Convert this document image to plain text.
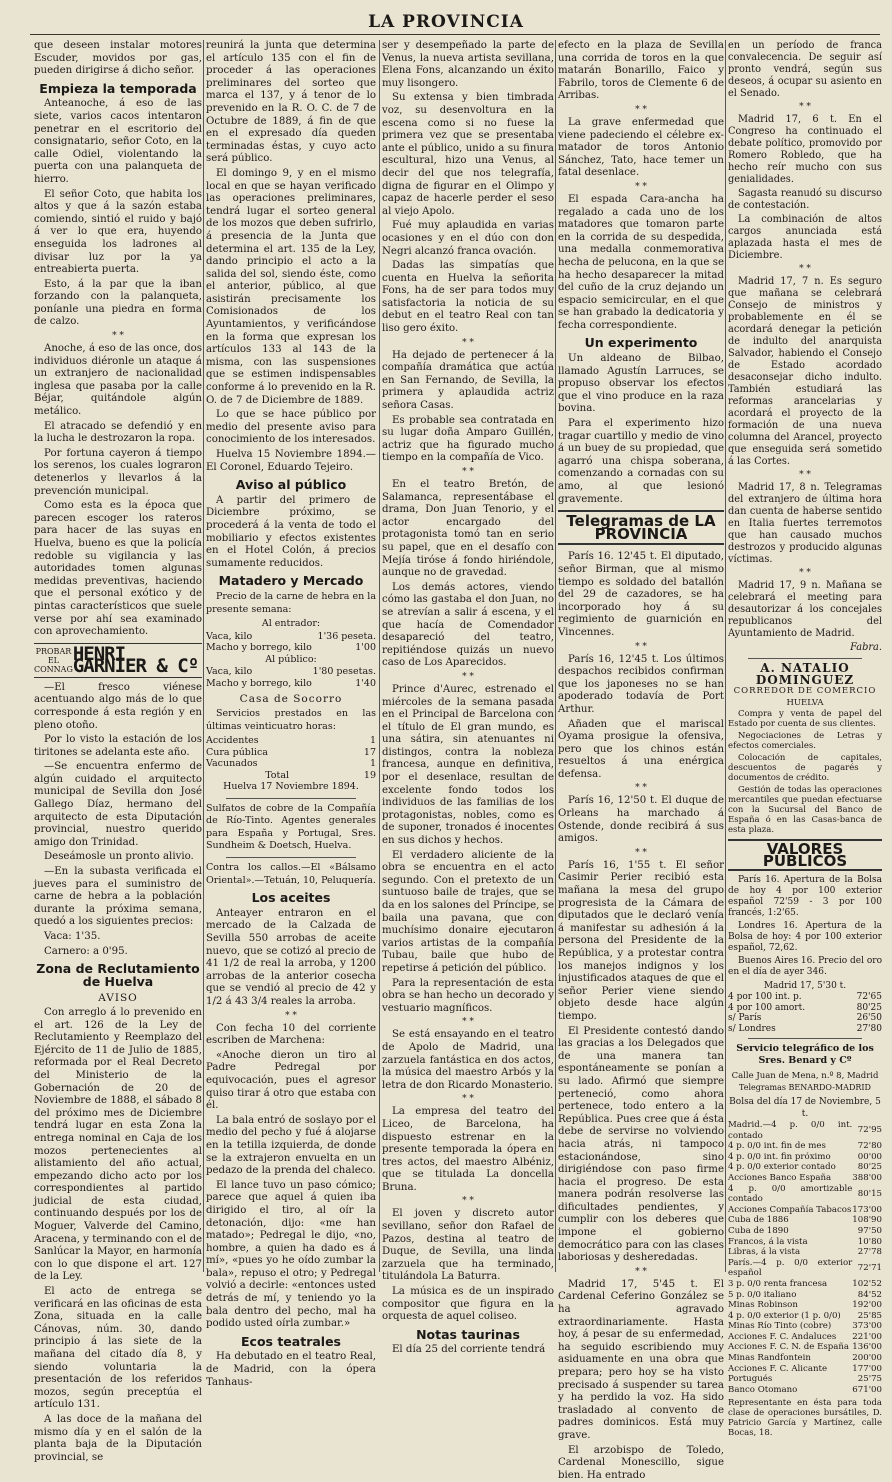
LA PROVINCIA

que deseen instalar motores Escuder, movidos por gas, pueden dirigirse á dicho señor.

Empieza la temporada

Anteanoche, á eso de las siete, varios cacos intentaron penetrar en el escritorio del consignatario, señor Coto, en la calle Odiel, violentando la puerta con una palanqueta de hierro.

El señor Coto, que habita los altos y que á la sazón estaba comiendo, sintió el ruido y bajó á ver lo que era, huyendo enseguida los ladrones al divisar luz por la ya entreabierta puerta.

Esto, á la par que la iban forzando con la palanqueta, poníanle una piedra en forma de calzo.

* *

Anoche, á eso de las once, dos individuos diéronle un ataque á un extranjero de nacionalidad inglesa que pasaba por la calle Béjar, quitándole algún metálico.

El atracado se defendió y en la lucha le destrozaron la ropa.

Por fortuna cayeron á tiempo los serenos, los cuales lograron detenerlos y llevarlos á la prevención municipal.

Como esta es la época que parecen escoger los rateros para hacer de las suyas en Huelva, bueno es que la policía redoble su vigilancia y las autoridades tomen algunas medidas preventivas, haciendo que el personal exótico y de pintas característicos que suele verse por ahí sea examinado con aprovechamiento.

PROBAR EL CONNAG
HENRI GARNIER & Cº

—El fresco viénese acentuando algo más de lo que corresponde á esta región y en pleno otoño.

Por lo visto la estación de los tiritones se adelanta este año.

—Se encuentra enfermo de algún cuidado el arquitecto municipal de Sevilla don José Gallego Díaz, hermano del arquitecto de esta Diputación provincial, nuestro querido amigo don Trinidad.

Deseámosle un pronto alivio.

—En la subasta verificada el jueves para el suministro de carne de hebra a la población durante la próxima semana, quedó a los siguientes precios:

Vaca: 1'35.

Carnero: a 0'95.

Zona de Reclutamiento de Huelva
AVISO

Con arreglo á lo prevenido en el art. 126 de la Ley de Reclutamiento y Reemplazo del Ejército de 11 de Julio de 1885, reformada por el Real Decreto del Ministerio de la Gobernación de 20 de Noviembre de 1888, el sábado 8 del próximo mes de Diciembre tendrá lugar en esta Zona la entrega nominal en Caja de los mozos pertenecientes al alistamiento del año actual, empezando dicho acto por los correspondientes al partido judicial de esta ciudad, continuando después por los de Moguer, Valverde del Camino, Aracena, y terminando con el de Sanlúcar la Mayor, en harmonía con lo que dispone el art. 127 de la Ley.

El acto de entrega se verificará en las oficinas de esta Zona, situada en la calle Cánovas, núm. 30, dando principio á las siete de la mañana del citado día 8, y siendo voluntaria la presentación de los referidos mozos, según preceptúa el artículo 131.

A las doce de la mañana del mismo día y en el salón de la planta baja de la Diputación provincial, se

reunirá la junta que determina el artículo 135 con el fin de proceder á las operaciones preliminares del sorteo que marca el 137, y á tenor de lo prevenido en la R. O. C. de 7 de Octubre de 1889, á fin de que en el expresado día queden terminadas éstas, y cuyo acto será público.

El domingo 9, y en el mismo local en que se hayan verificado las operaciones preliminares, tendrá lugar el sorteo general de los mozos que deben sufrirlo, á presencia de la Junta que determina el art. 135 de la Ley, dando principio el acto a la salida del sol, siendo éste, como el anterior, público, al que asistirán precisamente los Comisionados de los Ayuntamientos, y verificándose en la forma que expresan los artículos 133 al 143 de la misma, con las suspensiones que se estimen indispensables conforme á lo prevenido en la R. O. de 7 de Diciembre de 1889.

Lo que se hace público por medio del presente aviso para conocimiento de los interesados.

Huelva 15 Noviembre 1894.—El Coronel, Eduardo Tejeiro.

Aviso al público

A partir del primero de Diciembre próximo, se procederá á la venta de todo el mobiliario y efectos existentes en el Hotel Colón, á precios sumamente reducidos.

Matadero y Mercado

Precio de la carne de hebra en la presente semana:

Al entrador:
Vaca, kilo	1'36 peseta.
Macho y borrego, kilo	1'00
Al público:
Vaca, kilo	1'80 pesetas.
Macho y borrego, kilo	1'40
Casa de Socorro

Servicios prestados en las últimas veinticuatro horas:

Accidentes	1
Cura pública	17
Vacunados	1
Total	19
Huelva 17 Noviembre 1894.

Sulfatos de cobre de la Compañía de Río-Tinto. Agentes generales para España y Portugal, Sres. Sundheim & Doetsch, Huelva.

Contra los callos.—El «Bálsamo Oriental».—Tetuán, 10, Peluquería.

Los aceites

Anteayer entraron en el mercado de la Calzada de Sevilla 550 arrobas de aceite nuevo, que se cotizó al precio de 41 1/2 de real la arroba, y 1200 arrobas de la anterior cosecha que se vendió al precio de 42 y 1/2 á 43 3/4 reales la arroba.

* *

Con fecha 10 del corriente escriben de Marchena:

«Anoche dieron un tiro al Padre Pedregal por equivocación, pues el agresor quiso tirar á otro que estaba con él.

La bala entró de soslayo por el medio del pecho y fué á alojarse en la tetilla izquierda, de donde se la extrajeron envuelta en un pedazo de la prenda del chaleco.

El lance tuvo un paso cómico; parece que aquel á quien iba dirigido el tiro, al oír la detonación, dijo: «me han matado»; Pedregal le dijo, «no, hombre, a quien ha dado es á mí», «pues yo he oído zumbar la bala», repuso el otro; y Pedregal volvió a decirle: «entonces usted detrás de mí, y teniendo yo la bala dentro del pecho, mal ha podido usted oírla zumbar.»

Ecos teatrales

Ha debutado en el teatro Real, de Madrid, con la ópera Tanhaus-

ser y desempeñado la parte de Venus, la nueva artista sevillana, Elena Fons, alcanzando un éxito muy lisongero.

Su extensa y bien timbrada voz, su desenvoltura en la escena como si no fuese la primera vez que se presentaba ante el público, unido a su finura escultural, hizo una Venus, al decir del que nos telegrafía, digna de figurar en el Olimpo y capaz de hacerle perder el seso al viejo Apolo.

Fué muy aplaudida en varias ocasiones y en el dúo con don Negri alcanzó franca ovación.

Dadas las simpatías que cuenta en Huelva la señorita Fons, ha de ser para todos muy satisfactoria la noticia de su debut en el teatro Real con tan liso gero éxito.

* *

Ha dejado de pertenecer á la compañía dramática que actúa en San Fernando, de Sevilla, la primera y aplaudida actriz señora Casas.

Es probable sea contratada en su lugar doña Amparo Guillén, actriz que ha figurado mucho tiempo en la compañía de Vico.

* *

En el teatro Bretón, de Salamanca, representábase el drama, Don Juan Tenorio, y el actor encargado del protagonista tomó tan en serio su papel, que en el desafío con Mejía tiróse á fondo hiriéndole, aunque no de gravedad.

Los demás actores, viendo cómo las gastaba el don Juan, no se atrevían a salir á escena, y el que hacía de Comendador desapareció del teatro, repitiéndose quizás un nuevo caso de Los Aparecidos.

* *

Prince d'Aurec, estrenado el miércoles de la semana pasada en el Principal de Barcelona con el título de El gran mundo, es una sátira, sin atenuantes ni distingos, contra la nobleza francesa, aunque en definitiva, por el desenlace, resultan de excelente fondo todos los individuos de las familias de los protagonistas, nobles, como es de suponer, tronados é inocentes en sus dichos y hechos.

El verdadero aliciente de la obra se encuentra en el acto segundo. Con el pretexto de un suntuoso baile de trajes, que se da en los salones del Príncipe, se baila una pavana, que con muchísimo donaire ejecutaron varios artistas de la compañía Tubau, baile que hubo de repetirse á petición del público.

Para la representación de esta obra se han hecho un decorado y vestuario magníficos.

* *

Se está ensayando en el teatro de Apolo de Madrid, una zarzuela fantástica en dos actos, la música del maestro Arbós y la letra de don Ricardo Monasterio.

* *

La empresa del teatro del Liceo, de Barcelona, ha dispuesto estrenar en la presente temporada la ópera en tres actos, del maestro Albéniz, que se titulada La doncella Bruna.

* *

El joven y discreto autor sevillano, señor don Rafael de Pazos, destina al teatro de Duque, de Sevilla, una linda zarzuela que ha terminado, titulándola La Baturra.

La música es de un inspirado compositor que figura en la orquesta de aquel coliseo.

Notas taurinas

El día 25 del corriente tendrá

efecto en la plaza de Sevilla una corrida de toros en la que matarán Bonarillo, Faico y Fabrilo, toros de Clemente 6 de Arribas.

* *

La grave enfermedad que viene padeciendo el célebre ex-matador de toros Antonio Sánchez, Tato, hace temer un fatal desenlace.

* *

El espada Cara-ancha ha regalado a cada uno de los matadores que tomaron parte en la corrida de su despedida, una medalla conmemorativa hecha de pelucona, en la que se ha hecho desaparecer la mitad del cuño de la cruz dejando un espacio semicircular, en el que se han grabado la dedicatoria y fecha correspondiente.

Un experimento

Un aldeano de Bilbao, llamado Agustín Larruces, se propuso observar los efectos que el vino produce en la raza bovina.

Para el experimento hizo tragar cuartillo y medio de vino á un buey de su propiedad, que agarró una chispa soberana, comenzando a cornadas con su amo, al que lesionó gravemente.

Telegramas de LA PROVINCIA

París 16. 12'45 t. El diputado, señor Birman, que al mismo tiempo es soldado del batallón del 29 de cazadores, se ha incorporado hoy á su regimiento de guarnición en Vincennes.

* *

París 16, 12'45 t. Los últimos despachos recibidos confirman que los japoneses no se han apoderado todavía de Port Arthur.

Añaden que el mariscal Oyama prosigue la ofensiva, pero que los chinos están resueltos á una enérgica defensa.

* *

París 16, 12'50 t. El duque de Orleans ha marchado á Ostende, donde recibirá á sus amigos.

* *

París 16, 1'55 t. El señor Casimir Perier recibió esta mañana la mesa del grupo progresista de la Cámara de diputados que le declaró venía á manifestar su adhesión á la persona del Presidente de la República, y a protestar contra los manejos indignos y los injustificados ataques de que el señor Perier viene siendo objeto desde hace algún tiempo.

El Presidente contestó dando las gracias a los Delegados que de una manera tan espontáneamente se ponían a su lado. Afirmó que siempre perteneció, como ahora pertenece, todo entero a la República. Pues cree que á ésta debe de servirse no volviendo hacia atrás, ni tampoco estacionándose, sino dirigiéndose con paso firme hacia el progreso. De esta manera podrán resolverse las dificultades pendientes, y cumplir con los deberes que impone el gobierno democrático para con las clases laboriosas y desheredadas.

* *

Madrid 17, 5'45 t. El Cardenal Ceferino González se ha agravado extraordinariamente. Hasta hoy, á pesar de su enfermedad, ha seguido escribiendo muy asiduamente en una obra que prepara; pero hoy se ha visto precisado á suspender su tarea y ha perdido la voz. Ha sido trasladado al convento de padres dominicos. Está muy grave.

El arzobispo de Toledo, Cardenal Monescillo, sigue bien. Ha entrado

en un período de franca convalecencia. De seguir así pronto vendrá, según sus deseos, á ocupar su asiento en el Senado.

* *

Madrid 17, 6 t. En el Congreso ha continuado el debate político, promovido por Romero Robledo, que ha hecho reír mucho con sus genialidades.

Sagasta reanudó su discurso de contestación.

La combinación de altos cargos anunciada está aplazada hasta el mes de Diciembre.

* *

Madrid 17, 7 n. Es seguro que mañana se celebrará Consejo de ministros y probablemente en él se acordará denegar la petición de indulto del anarquista Salvador, habiendo el Consejo de Estado acordado desaconsejar dicho indulto. También estudiará las reformas arancelarias y acordará el proyecto de la formación de una nueva columna del Arancel, proyecto que enseguida será sometido á las Cortes.

* *

Madrid 17, 8 n. Telegramas del extranjero de última hora dan cuenta de haberse sentido en Italia fuertes terremotos que han causado muchos destrozos y producido algunas víctimas.

* *

Madrid 17, 9 n. Mañana se celebrará el meeting para desautorizar á los concejales republicanos del Ayuntamiento de Madrid.

Fabra.
A. NATALIO DOMINGUEZ
CORREDOR DE COMERCIO
HUELVA

Compra y venta de papel del Estado por cuenta de sus clientes.

Negociaciones de Letras y efectos comerciales.

Colocación de capitales, descuentos de pagarés y documentos de crédito.

Gestión de todas las operaciones mercantiles que puedan efectuarse con la Sucursal del Banco de España ó en las Casas-banca de esta plaza.

VALORES PUBLICOS

París 16. Apertura de la Bolsa de hoy 4 por 100 exterior español 72'59 - 3 por 100 francés, 1:2'65.

Londres 16. Apertura de la Bolsa de hoy: 4 por 100 exterior español, 72,62.

Buenos Aires 16. Precio del oro en el día de ayer 346.

Madrid 17, 5'30 t.
4 por 100 int. p.	72'65
4 por 100 amort.	80'25
s/ París	26'50
s/ Londres	27'80
Servicio telegráfico de los Sres. Benard y Cº
Calle Juan de Mena, n.º 8, Madrid
Telegramas BENARDO-MADRID
Bolsa del día 17 de Noviembre, 5 t.
Madrid.—4 p. 0/0 int. contado	72'95
4 p. 0/0 int. fin de mes	72'80
4 p. 0/0 int. fin próximo	00'00
4 p. 0/0 exterior contado	80'25
Acciones Banco España	388'00
4 p. 0/0 amortizable contado	80'15
Acciones Compañía Tabacos	173'00
Cuba de 1886	108'90
Cuba de 1890	97'50
Francos, á la vista	10'80
Libras, á la vista	27'78
París.—4 p. 0/0 exterior español	72'71
3 p. 0/0 renta francesa	102'52
5 p. 0/0 italiano	84'52
Minas Robinson	192'00
4 p. 0/0 exterior (1 p. 0/0)	25'85
Minas Río Tinto (cobre)	373'00
Acciones F. C. Andaluces	221'00
Acciones F. C. N. de España	136'00
Minas Randfontein	200'00
Acciones F. C. Alicante	177'00
Portugués	25'75
Banco Otomano	671'00

Representante en ésta para toda clase de operaciones bursátiles, D. Patricio García y Martínez, calle Bocas, 18.
